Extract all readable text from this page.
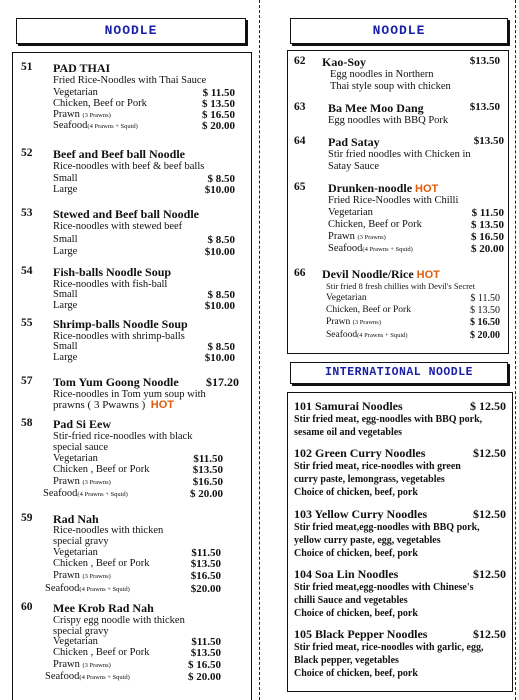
NOODLE
51 PAD THAI
Fried Rice-Noodles with Thai Sauce
Vegetarian	$ 11.50
Chicken, Beef or Pork	$ 13.50
Prawn (3 Prawns)	$ 16.50
Seafood(4 Prawns + Squid)	$ 20.00
52 Beef and Beef ball Noodle
Rice-noodles with beef & beef balls
Small	$ 8.50
Large	$10.00
53 Stewed and Beef ball Noodle
Rice-noodles with stewed beef
Small	$ 8.50
Large	$10.00
54 Fish-balls Noodle Soup
Rice-noodles with fish-ball
Small	$ 8.50
Large	$10.00
55 Shrimp-balls Noodle Soup
Rice-noodles with shrimp-balls
Small	$ 8.50
Large	$10.00
57 Tom Yum Goong Noodle $17.20
Rice-noodles in Tom yum soup with
prawns ( 3 Pwawns ) HOT
58 Pad Si Eew
Stir-fried rice-noodles with black special sauce
Vegetarian	$11.50
Chicken , Beef or Pork	$13.50
Prawn (3 Prawns)	$16.50
Seafood(4 Prawns + Squid)	$ 20.00
59 Rad Nah
Rice-noodles with thicken special gravy
Vegetarian	$11.50
Chicken , Beef or Pork	$13.50
Prawn (3 Prawns)	$16.50
Seafood(4 Prawns + Squid)	$20.00
60 Mee Krob Rad Nah
Crispy egg noodle with thicken special gravy
Vegetarian	$11.50
Chicken , Beef or Pork	$13.50
Prawn (3 Prawns)	$ 16.50
Seafood(4 Prawns + Squid)	$ 20.00
NOODLE
62 Kao-Soy	$13.50
Egg noodles in Northern
Thai style soup with chicken
63 Ba Mee Moo Dang	$13.50
Egg noodles with BBQ Pork
64 Pad Satay	$13.50
Stir fried noodles with Chicken in
Satay Sauce
65 Drunken-noodle HOT
Fried Rice-Noodles with Chilli
Vegetarian	$ 11.50
Chicken, Beef or Pork	$ 13.50
Prawn (3 Prawns)	$ 16.50
Seafood(4 Prawns + Squid)	$ 20.00
66 Devil Noodle/Rice HOT
Stir fried 8 fresh chillies with Devil's Secret
Vegetarian	$ 11.50
Chicken, Beef or Pork	$ 13.50
Prawn (3 Prawns)	$ 16.50
Seafood(4 Prawns + Squid)	$ 20.00
INTERNATIONAL NOODLE
101 Samurai Noodles	$ 12.50
Stir fried meat, egg-noodles with BBQ pork,
sesame oil and vegetables
102 Green Curry Noodles	$12.50
Stir fried meat, rice-noodles with green
curry paste, lemongrass, vegetables
Choice of chicken, beef, pork
103 Yellow Curry Noodles	$12.50
Stir fried meat,egg-noodles with BBQ pork,
yellow curry paste, egg, vegetables
Choice of chicken, beef, pork
104 Soa Lin Noodles	$12.50
Stir fried meat,egg-noodles with Chinese's
chilli Sauce and vegetables
Choice of chicken, beef, pork
105 Black Pepper Noodles	$12.50
Stir fried meat, rice-noodles with garlic, egg,
Black pepper, vegetables
Choice of chicken, beef, pork
